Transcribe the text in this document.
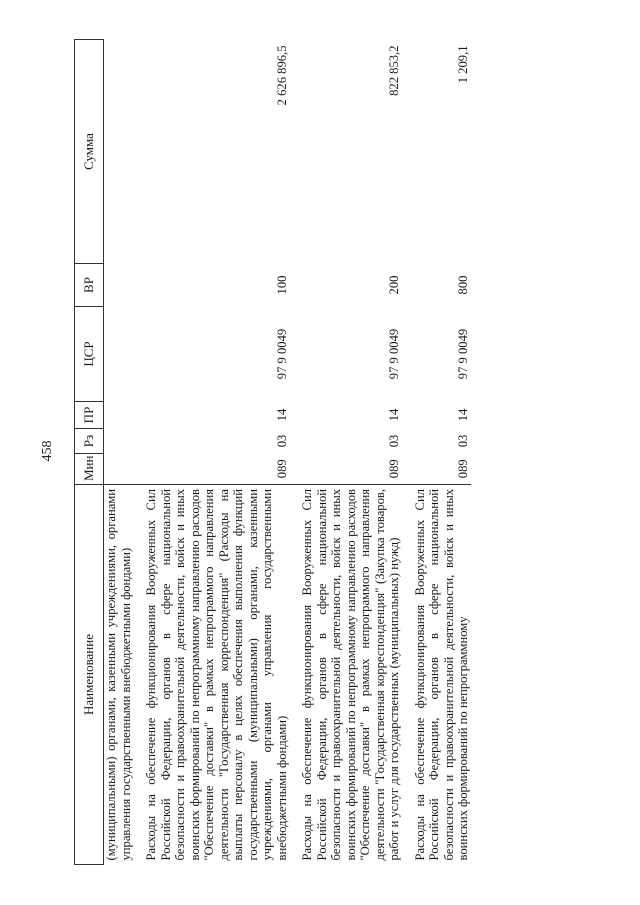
458
Наименование	Мин	Рз	ПР	ЦСР	ВР	Сумма
(муниципальными) органами, казенными учреждениями, органами управления государственными внебюджетными фондами)						
Расходы на обеспечение функционирования Вооруженных Сил Российской Федерации, органов в сфере национальной безопасности и правоохранительной деятельности, войск и иных воинских формирований по непрограммному направлению расходов "Обеспечение доставки" в рамках непрограммого направления деятельности "Государственная корреспонденция" (Расходы на выплаты персоналу в целях обеспечения выполнения функций государственными (муниципальными) органами, казенными учреждениями, органами управления государственными внебюджетными фондами)	089	03	14	97 9 0049	100	2 626 896,5
Расходы на обеспечение функционирования Вооруженных Сил Российской Федерации, органов в сфере национальной безопасности и правоохранительной деятельности, войск и иных воинских формирований по непрограммному направлению расходов "Обеспечение доставки" в рамках непрограммого направления деятельности "Государственная корреспонденция" (Закупка товаров, работ и услуг для государственных (муниципальных) нужд)	089	03	14	97 9 0049	200	822 853,2
Расходы на обеспечение функционирования Вооруженных Сил Российской Федерации, органов в сфере национальной безопасности и правоохранительной деятельности, войск и иных воинских формирований по непрограммному	089	03	14	97 9 0049	800	1 209,1
